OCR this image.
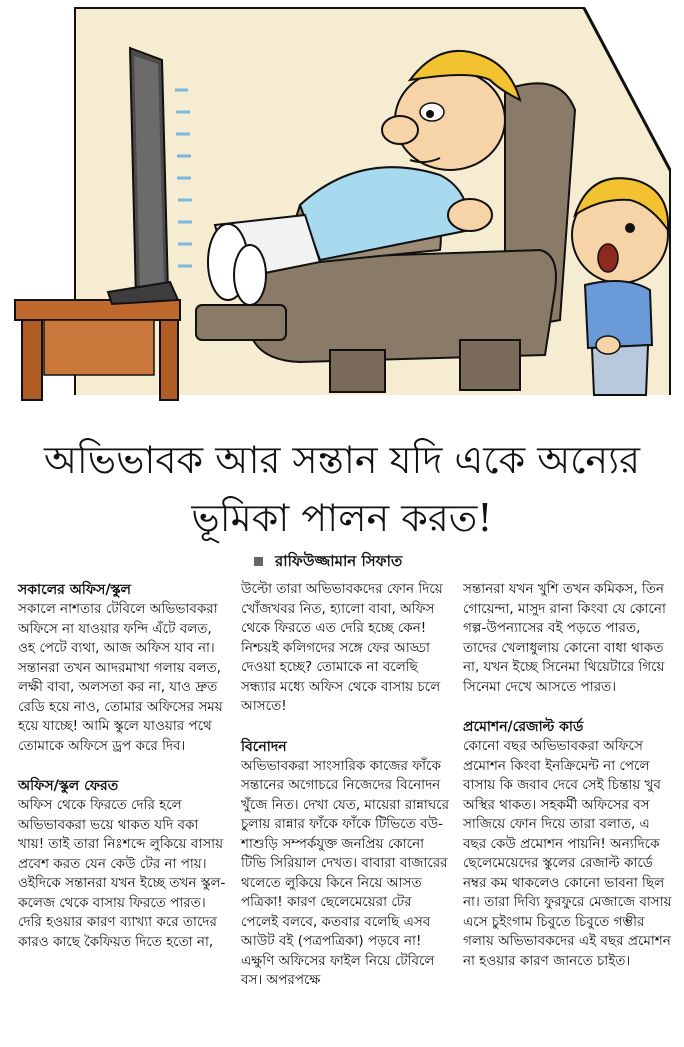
অভিভাবক আর সন্তান যদি একে অন্যের
ভূমিকা পালন করত!
রাফিউজ্জামান সিফাত
সকালের অফিস/স্কুল

সকালে নাশতার টেবিলে অভিভাবকরা অফিসে না যাওয়ার ফন্দি এঁটে বলত, ওহ পেটে ব্যথা, আজ অফিস যাব না। সন্তানরা তখন আদরমাখা গলায় বলত, লক্ষী বাবা, অলসতা কর না, যাও দ্রুত রেডি হয়ে নাও, তোমার অফিসের সময় হয়ে যাচ্ছে! আমি স্কুলে যাওয়ার পথে তোমাকে অফিসে ড্রপ করে দিব।

অফিস/স্কুল ফেরত

অফিস থেকে ফিরতে দেরি হলে অভিভাবকরা ভয়ে থাকত যদি বকা খায়! তাই তারা নিঃশব্দে লুকিয়ে বাসায় প্রবেশ করত যেন কেউ টের না পায়। ওইদিকে সন্তানরা যখন ইচ্ছে তখন স্কুল-কলেজ থেকে বাসায় ফিরতে পারত। দেরি হওয়ার কারণ ব্যাখ্যা করে তাদের কারও কাছে কৈফিয়ত দিতে হতো না,

উল্টো তারা অভিভাবকদের ফোন দিয়ে খোঁজখবর নিত, হ্যালো বাবা, অফিস থেকে ফিরতে এত দেরি হচ্ছে কেন! নিশ্চয়ই কলিগদের সঙ্গে ফের আড্ডা দেওয়া হচ্ছে? তোমাকে না বলেছি সন্ধ্যার মধ্যে অফিস থেকে বাসায় চলে আসতে!

বিনোদন

অভিভাবকরা সাংসারিক কাজের ফাঁকে সন্তানের অগোচরে নিজেদের বিনোদন খুঁজে নিত। দেখা যেত, মায়েরা রান্নাঘরে চুলায় রান্নার ফাঁকে ফাঁকে টিভিতে বউ-শাশুড়ি সম্পর্কযুক্ত জনপ্রিয় কোনো টিভি সিরিয়াল দেখত। বাবারা বাজারের থলেতে লুকিয়ে কিনে নিয়ে আসত পত্রিকা! কারণ ছেলেমেয়েরা টের পেলেই বলবে, কতবার বলেছি এসব আউট বই (পত্রপত্রিকা) পড়বে না! এক্ষুণি অফিসের ফাইল নিয়ে টেবিলে বস। অপরপক্ষে

সন্তানরা যখন খুশি তখন কমিকস, তিন গোয়েন্দা, মাসুদ রানা কিংবা যে কোনো গল্প-উপন্যাসের বই পড়তে পারত, তাদের খেলাধুলায় কোনো বাধা থাকত না, যখন ইচ্ছে সিনেমা থিয়েটারে গিয়ে সিনেমা দেখে আসতে পারত।

প্রমোশন/রেজাল্ট কার্ড

কোনো বছর অভিভাবকরা অফিসে প্রমোশন কিংবা ইনক্রিমেন্ট না পেলে বাসায় কি জবাব দেবে সেই চিন্তায় খুব অস্থির থাকত। সহকর্মী অফিসের বস সাজিয়ে ফোন দিয়ে তারা বলাত, এ বছর কেউ প্রমোশন পায়নি! অন্যদিকে ছেলেমেয়েদের স্কুলের রেজাল্ট কার্ডে নম্বর কম থাকলেও কোনো ভাবনা ছিল না। তারা দিব্যি ফুরফুরে মেজাজে বাসায় এসে চুইংগাম চিবুতে চিবুতে গম্ভীর গলায় অভিভাবকদের এই বছর প্রমোশন না হওয়ার কারণ জানতে চাইত।
